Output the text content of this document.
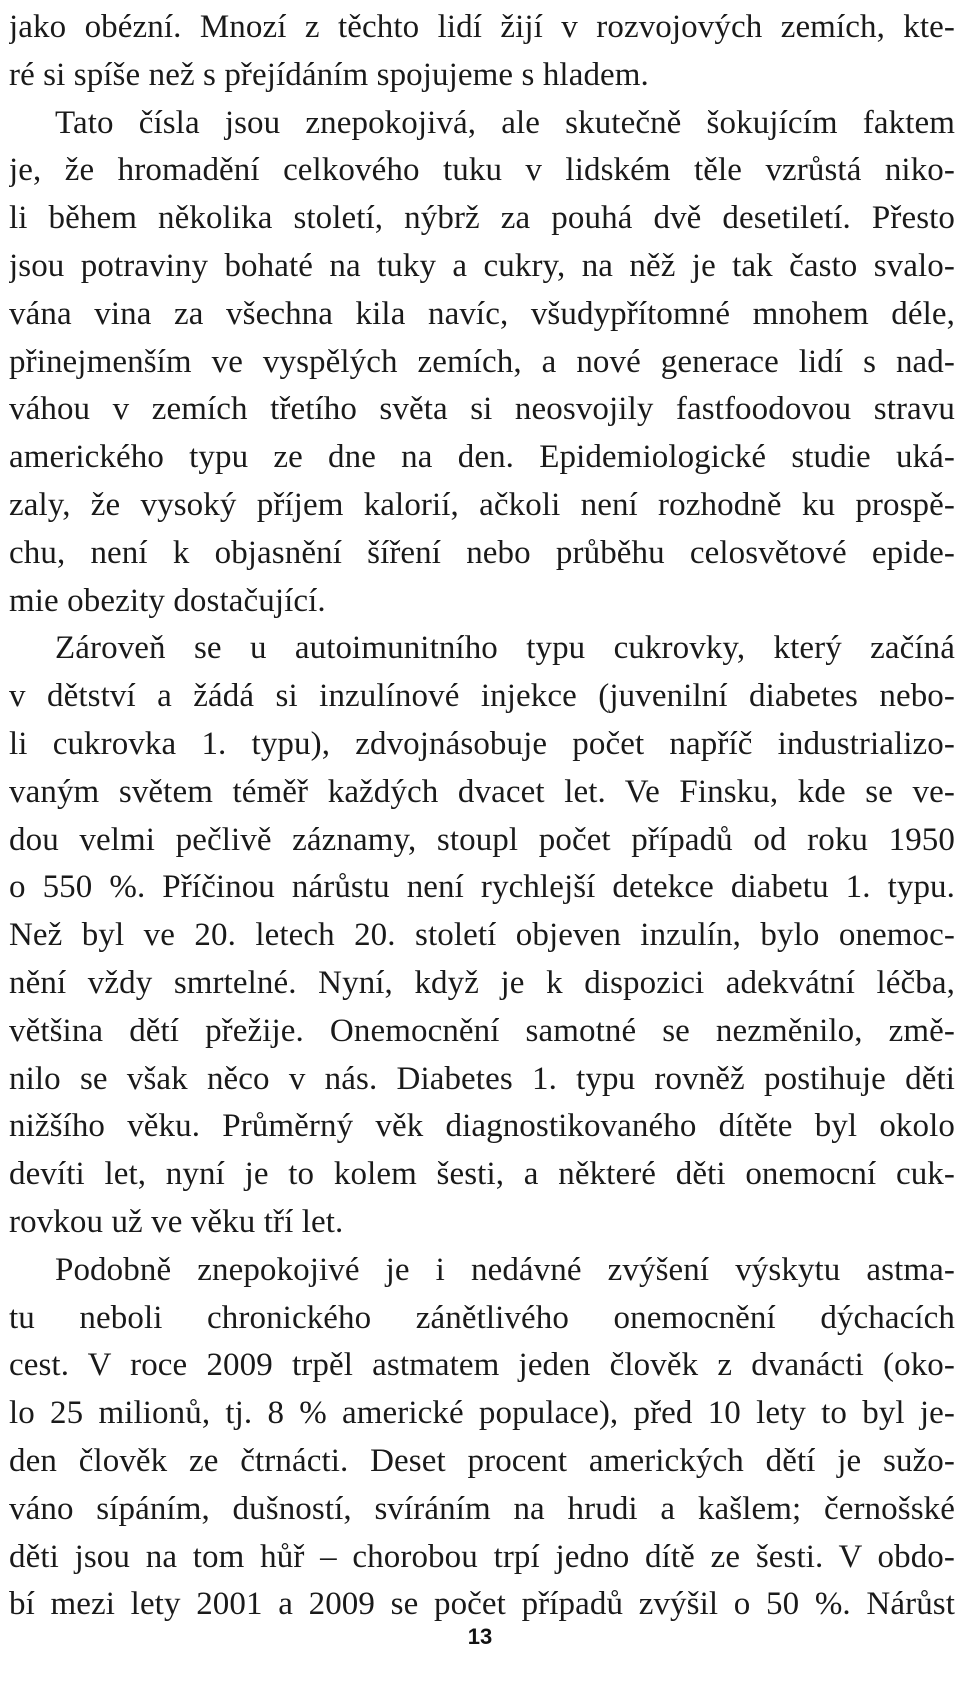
jako obézní. Mnozí z těchto lidí žijí v rozvojových zemích, kte-
ré si spíše než s přejídáním spojujeme s hladem.
Tato čísla jsou znepokojivá, ale skutečně šokujícím faktem
je, že hromadění celkového tuku v lidském těle vzrůstá niko-
li během několika století, nýbrž za pouhá dvě desetiletí. Přesto
jsou potraviny bohaté na tuky a cukry, na něž je tak často svalo-
vána vina za všechna kila navíc, všudypřítomné mnohem déle,
přinejmenším ve vyspělých zemích, a nové generace lidí s nad-
váhou v zemích třetího světa si neosvojily fastfoodovou stravu
amerického typu ze dne na den. Epidemiologické studie uká-
zaly, že vysoký příjem kalorií, ačkoli není rozhodně ku prospě-
chu, není k objasnění šíření nebo průběhu celosvětové epide-
mie obezity dostačující.
Zároveň se u autoimunitního typu cukrovky, který začíná
v dětství a žádá si inzulínové injekce (juvenilní diabetes nebo-
li cukrovka 1. typu), zdvojnásobuje počet napříč industrializo-
vaným světem téměř každých dvacet let. Ve Finsku, kde se ve-
dou velmi pečlivě záznamy, stoupl počet případů od roku 1950
o 550 %. Příčinou nárůstu není rychlejší detekce diabetu 1. typu.
Než byl ve 20. letech 20. století objeven inzulín, bylo onemoc-
nění vždy smrtelné. Nyní, když je k dispozici adekvátní léčba,
většina dětí přežije. Onemocnění samotné se nezměnilo, změ-
nilo se však něco v nás. Diabetes 1. typu rovněž postihuje děti
nižšího věku. Průměrný věk diagnostikovaného dítěte byl okolo
devíti let, nyní je to kolem šesti, a některé děti onemocní cuk-
rovkou už ve věku tří let.
Podobně znepokojivé je i nedávné zvýšení výskytu astma-
tu neboli chronického zánětlivého onemocnění dýchacích
cest. V roce 2009 trpěl astmatem jeden člověk z dvanácti (oko-
lo 25 milionů, tj. 8 % americké populace), před 10 lety to byl je-
den člověk ze čtrnácti. Deset procent amerických dětí je sužo-
váno sípáním, dušností, svíráním na hrudi a kašlem; černošské
děti jsou na tom hůř – chorobou trpí jedno dítě ze šesti. V obdo-
bí mezi lety 2001 a 2009 se počet případů zvýšil o 50 %. Nárůst
13
